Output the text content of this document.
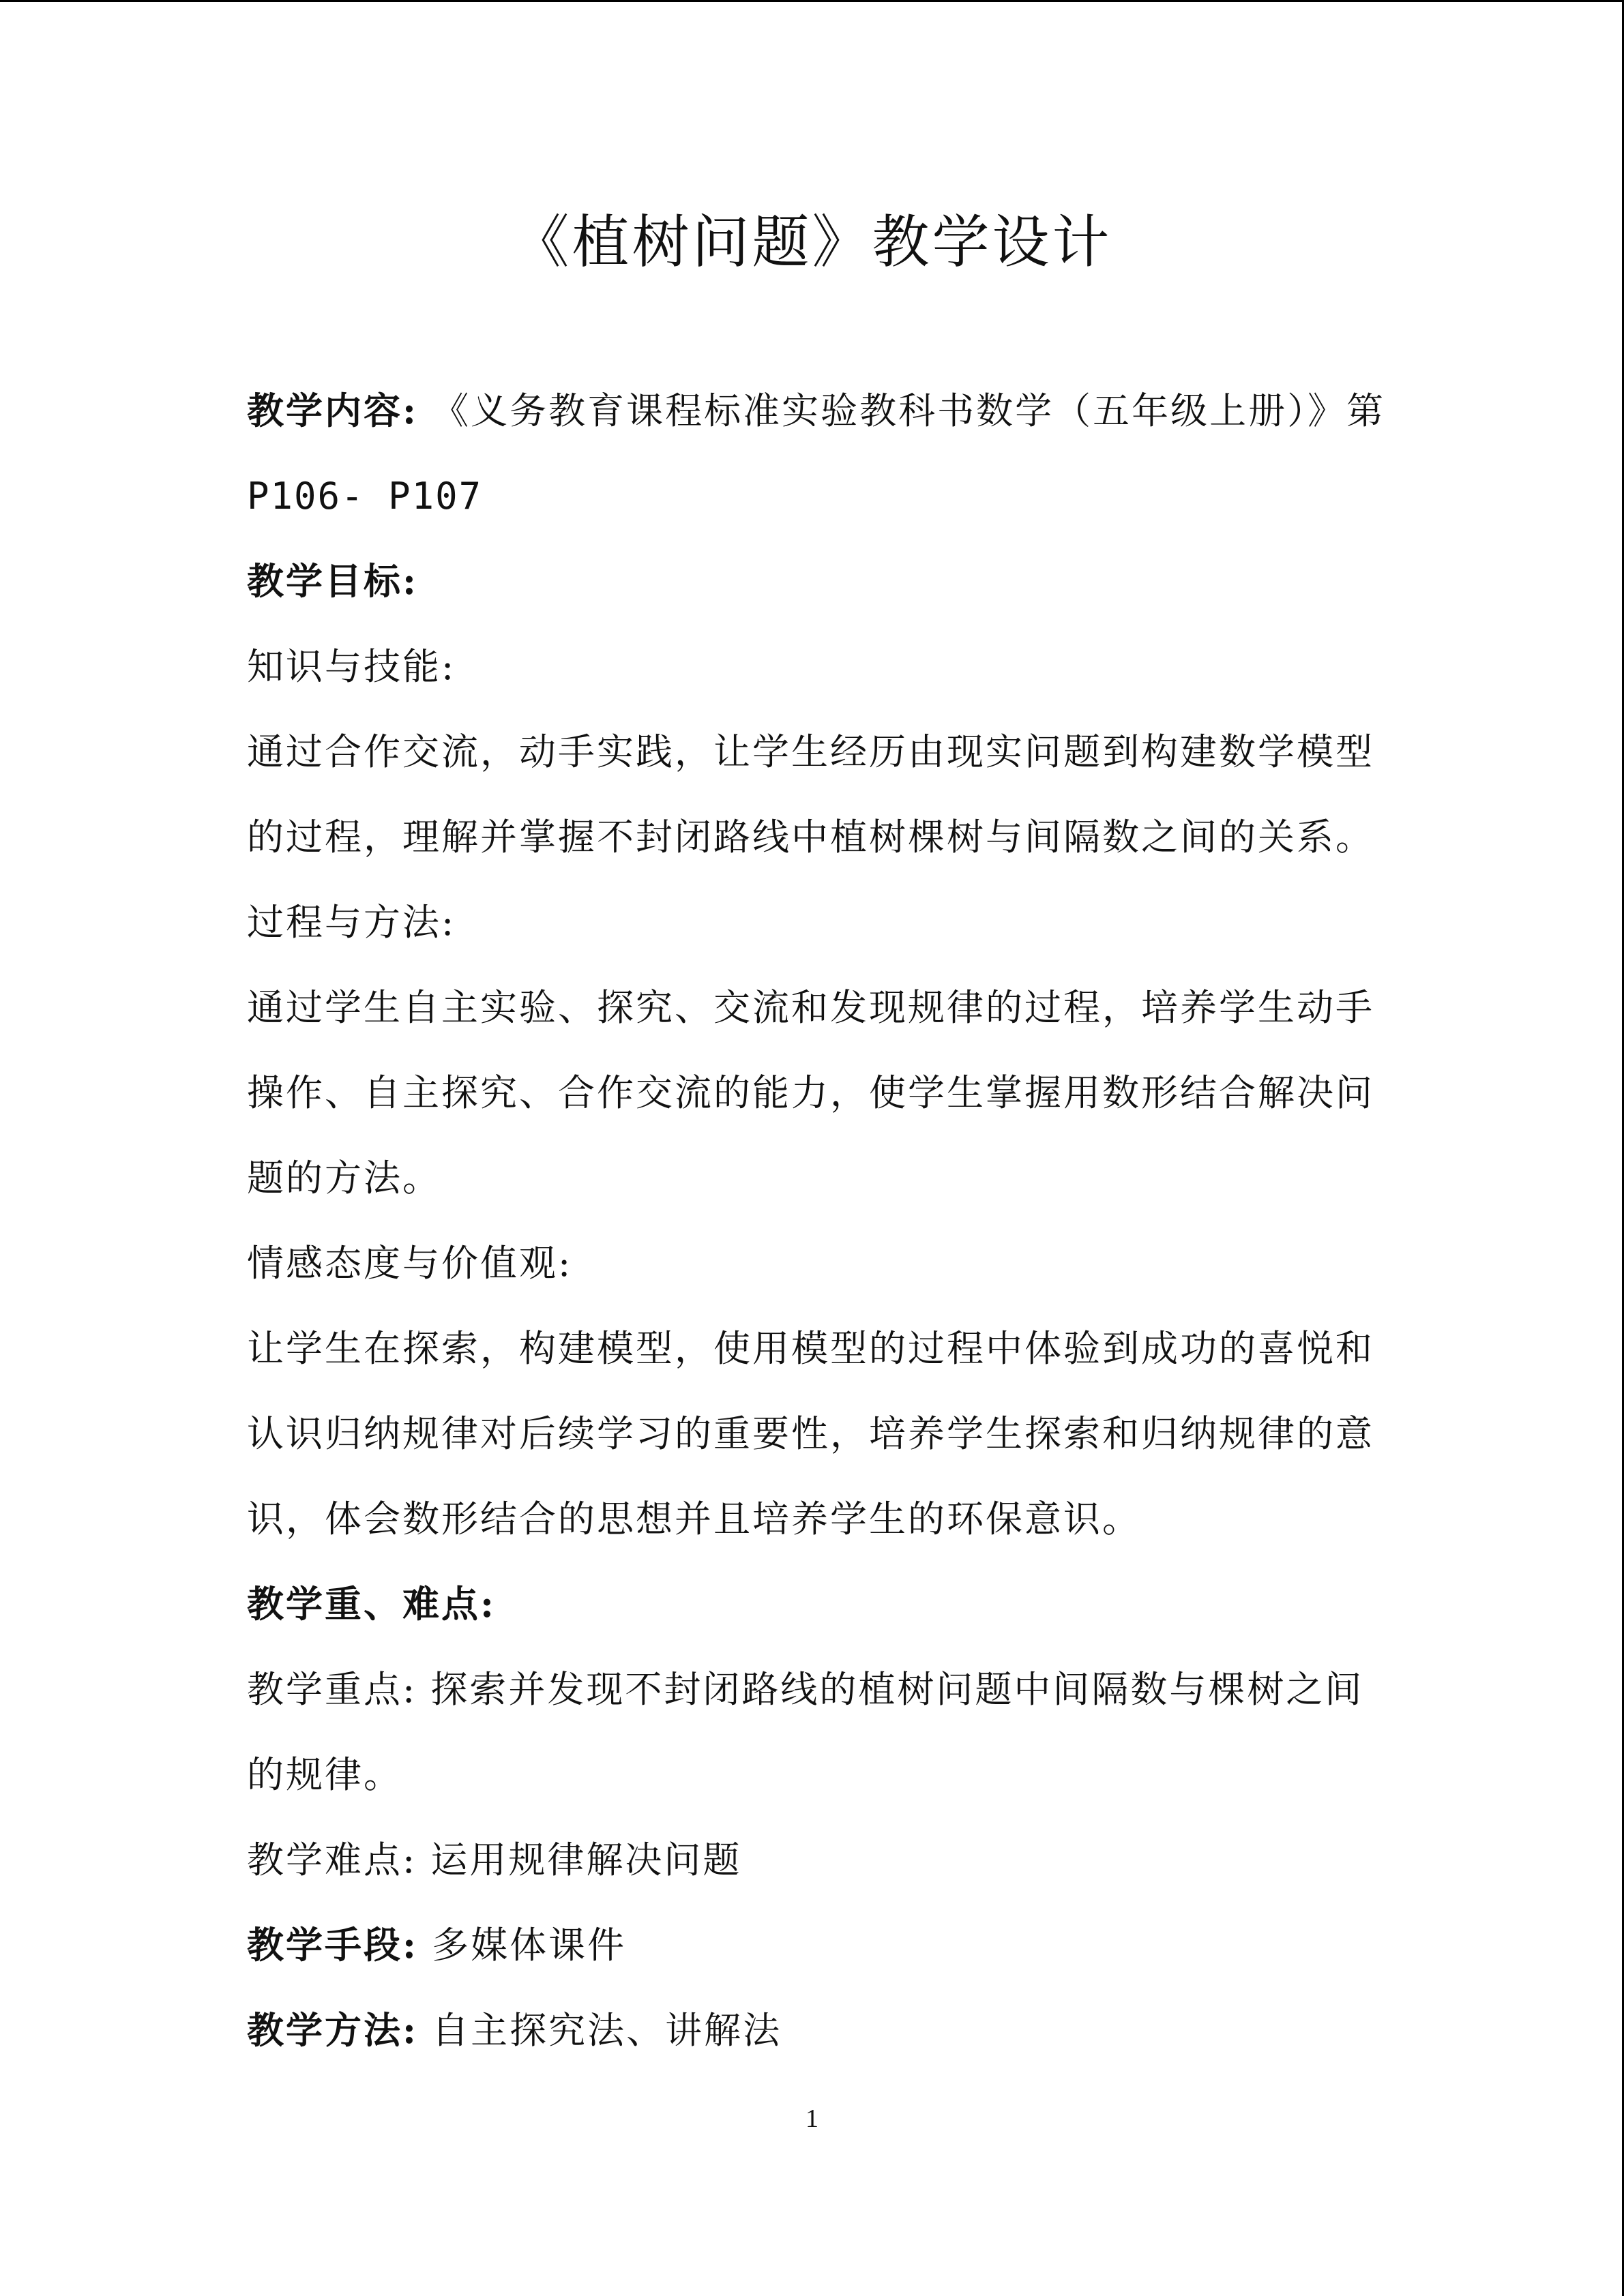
《植树问题》教学设计
教学内容: 《义务教育课程标准实验教科书数学（五年级上册）》第
P106- P107
教学目标:
知识与技能:
通过合作交流，动手实践，让学生经历由现实问题到构建数学模型
的过程，理解并掌握不封闭路线中植树棵树与间隔数之间的关系。
过程与方法:
通过学生自主实验、探究、交流和发现规律的过程，培养学生动手
操作、自主探究、合作交流的能力，使学生掌握用数形结合解决问
题的方法。
情感态度与价值观:
让学生在探索，构建模型，使用模型的过程中体验到成功的喜悦和
认识归纳规律对后续学习的重要性，培养学生探索和归纳规律的意
识，体会数形结合的思想并且培养学生的环保意识。
教学重、难点:
教学重点: 探索并发现不封闭路线的植树问题中间隔数与棵树之间
的规律。
教学难点: 运用规律解决问题
教学手段: 多媒体课件
教学方法: 自主探究法、讲解法
1
